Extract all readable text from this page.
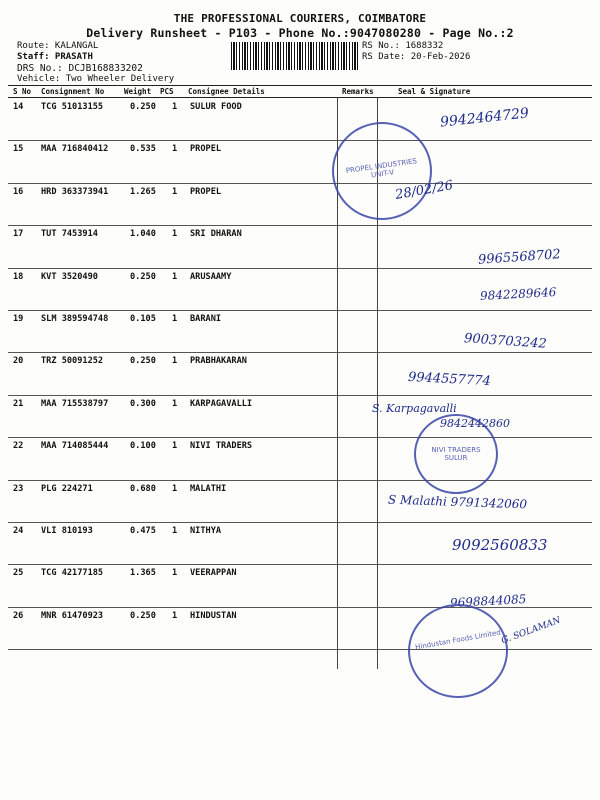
THE PROFESSIONAL COURIERS, COIMBATORE
Delivery Runsheet - P103 - Phone No.:9047080280 - Page No.:2
Route: KALANGAL
Staff: PRASATH
DRS No.: DCJB168833202
Vehicle: Two Wheeler Delivery
RS No.: 1688332
RS Date: 20-Feb-2026
S No Consignment No	Weight PCS Consignee Details	Remarks	Seal & Signature
14 TCG 51013155	0.250 1 SULUR FOOD
15 MAA 716840412	0.535 1 PROPEL
16 HRD 363373941	1.265 1 PROPEL
17 TUT 7453914	1.040 1 SRI DHARAN
18 KVT 3520490	0.250 1 ARUSAAMY
19 SLM 389594748	0.105 1 BARANI
20 TRZ 50091252	0.250 1 PRABHAKARAN
21 MAA 715538797	0.300 1 KARPAGAVALLI
22 MAA 714085444	0.100 1 NIVI TRADERS
23 PLG 224271	0.680 1 MALATHI
24 VLI 810193	0.475 1 NITHYA
25 TCG 42177185	1.365 1 VEERAPPAN
26 MNR 61470923	0.250 1 HINDUSTAN
9942464729
PROPEL INDUSTRIES UNIT-V
28/02/26
9965568702
9842289646
9003703242
9944557774
S. Karpagavalli
9842442860
NIVI TRADERS SULUR
S Malathi 9791342060
9092560833
9698844085
Hindustan Foods Limited
G. SOLAMAN
